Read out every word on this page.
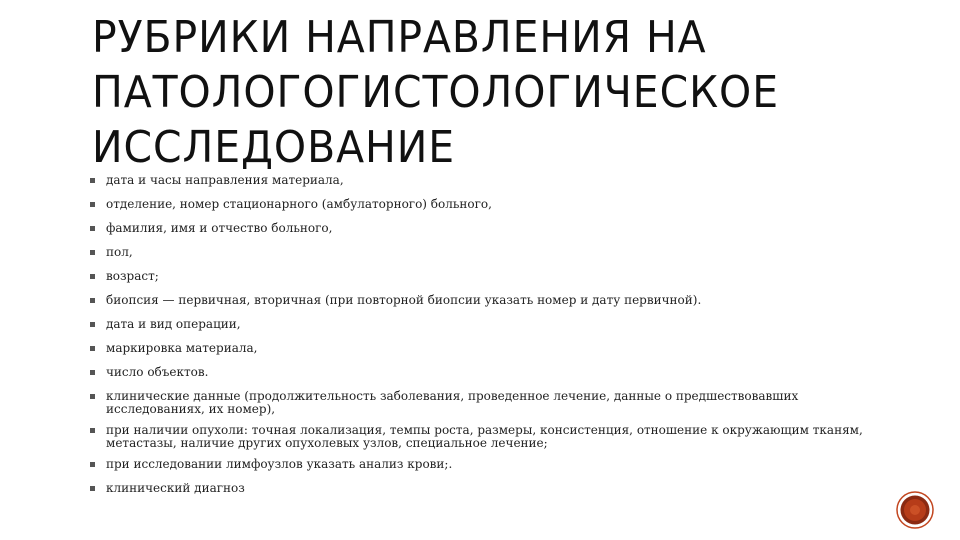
РУБРИКИ НАПРАВЛЕНИЯ НА ПАТОЛОГОГИСТОЛОГИЧЕСКОЕ ИССЛЕДОВАНИЕ
дата и часы направления материала,
отделение, номер стационарного (амбулаторного) больного,
фамилия, имя и отчество больного,
пол,
возраст;
биопсия — первичная, вторичная (при повторной биопсии указать номер и дату первичной).
дата и вид операции,
маркировка материала,
число объектов.
клинические данные (продолжительность заболевания, проведенное лечение, данные о предшествовавших исследованиях, их номер),
при наличии опухоли: точная локализация, темпы роста, размеры, консистенция, отношение к окружающим тканям, метастазы, наличие других опухолевых узлов, специальное лечение;
при исследовании лимфоузлов указать анализ крови;.
клинический диагноз
